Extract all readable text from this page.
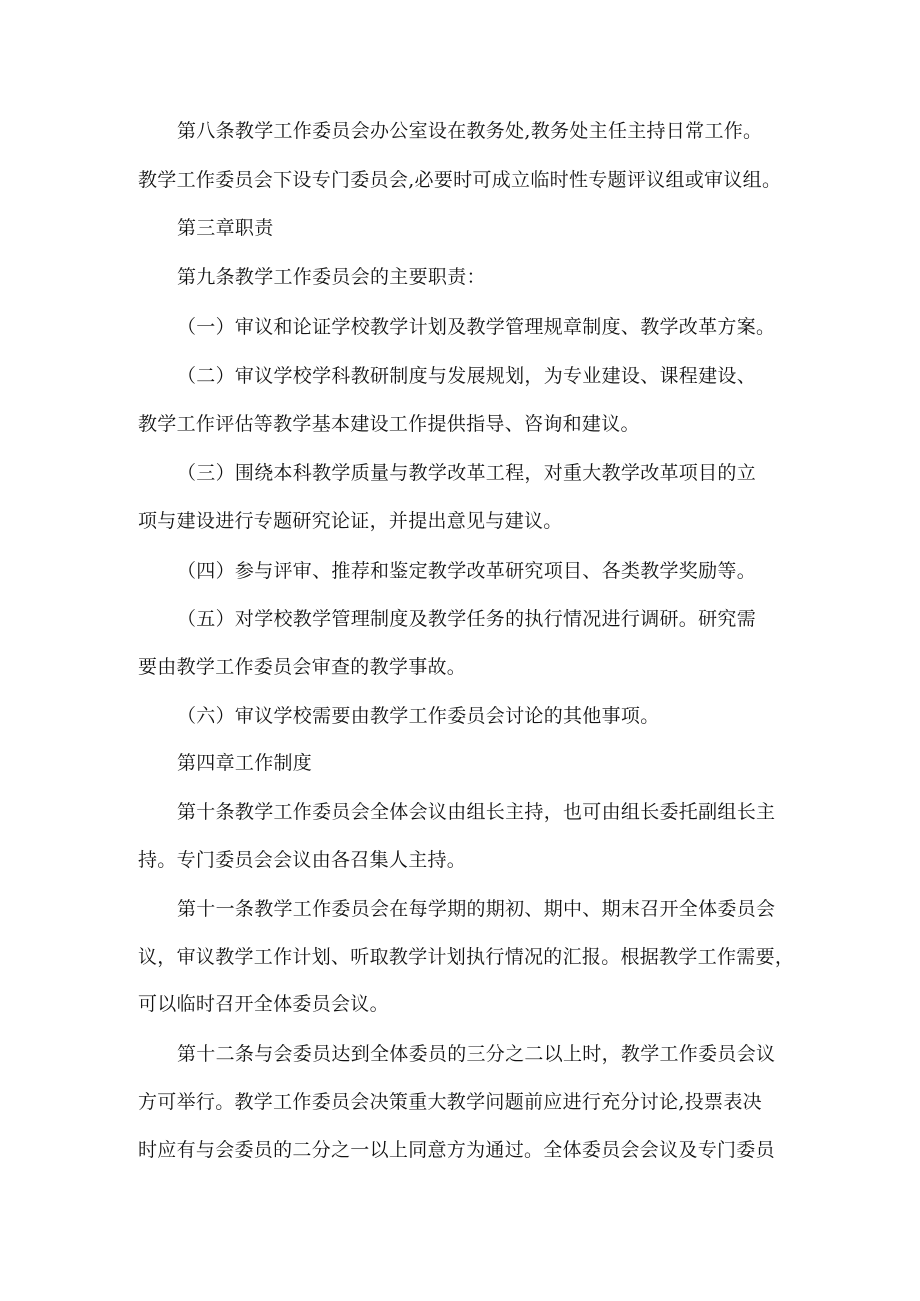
第八条教学工作委员会办公室设在教务处,教务处主任主持日常工作。
教学工作委员会下设专门委员会,必要时可成立临时性专题评议组或审议组。
第三章职责
第九条教学工作委员会的主要职责：
（一）审议和论证学校教学计划及教学管理规章制度、教学改革方案。
（二）审议学校学科教研制度与发展规划，为专业建设、课程建设、
教学工作评估等教学基本建设工作提供指导、咨询和建议。
（三）围绕本科教学质量与教学改革工程，对重大教学改革项目的立
项与建设进行专题研究论证，并提出意见与建议。
（四）参与评审、推荐和鉴定教学改革研究项目、各类教学奖励等。
（五）对学校教学管理制度及教学任务的执行情况进行调研。研究需
要由教学工作委员会审查的教学事故。
（六）审议学校需要由教学工作委员会讨论的其他事项。
第四章工作制度
第十条教学工作委员会全体会议由组长主持，也可由组长委托副组长主
持。专门委员会会议由各召集人主持。
第十一条教学工作委员会在每学期的期初、期中、期末召开全体委员会
议，审议教学工作计划、听取教学计划执行情况的汇报。根据教学工作需要，
可以临时召开全体委员会议。
第十二条与会委员达到全体委员的三分之二以上时，教学工作委员会议
方可举行。教学工作委员会决策重大教学问题前应进行充分讨论,投票表决
时应有与会委员的二分之一以上同意方为通过。全体委员会会议及专门委员
